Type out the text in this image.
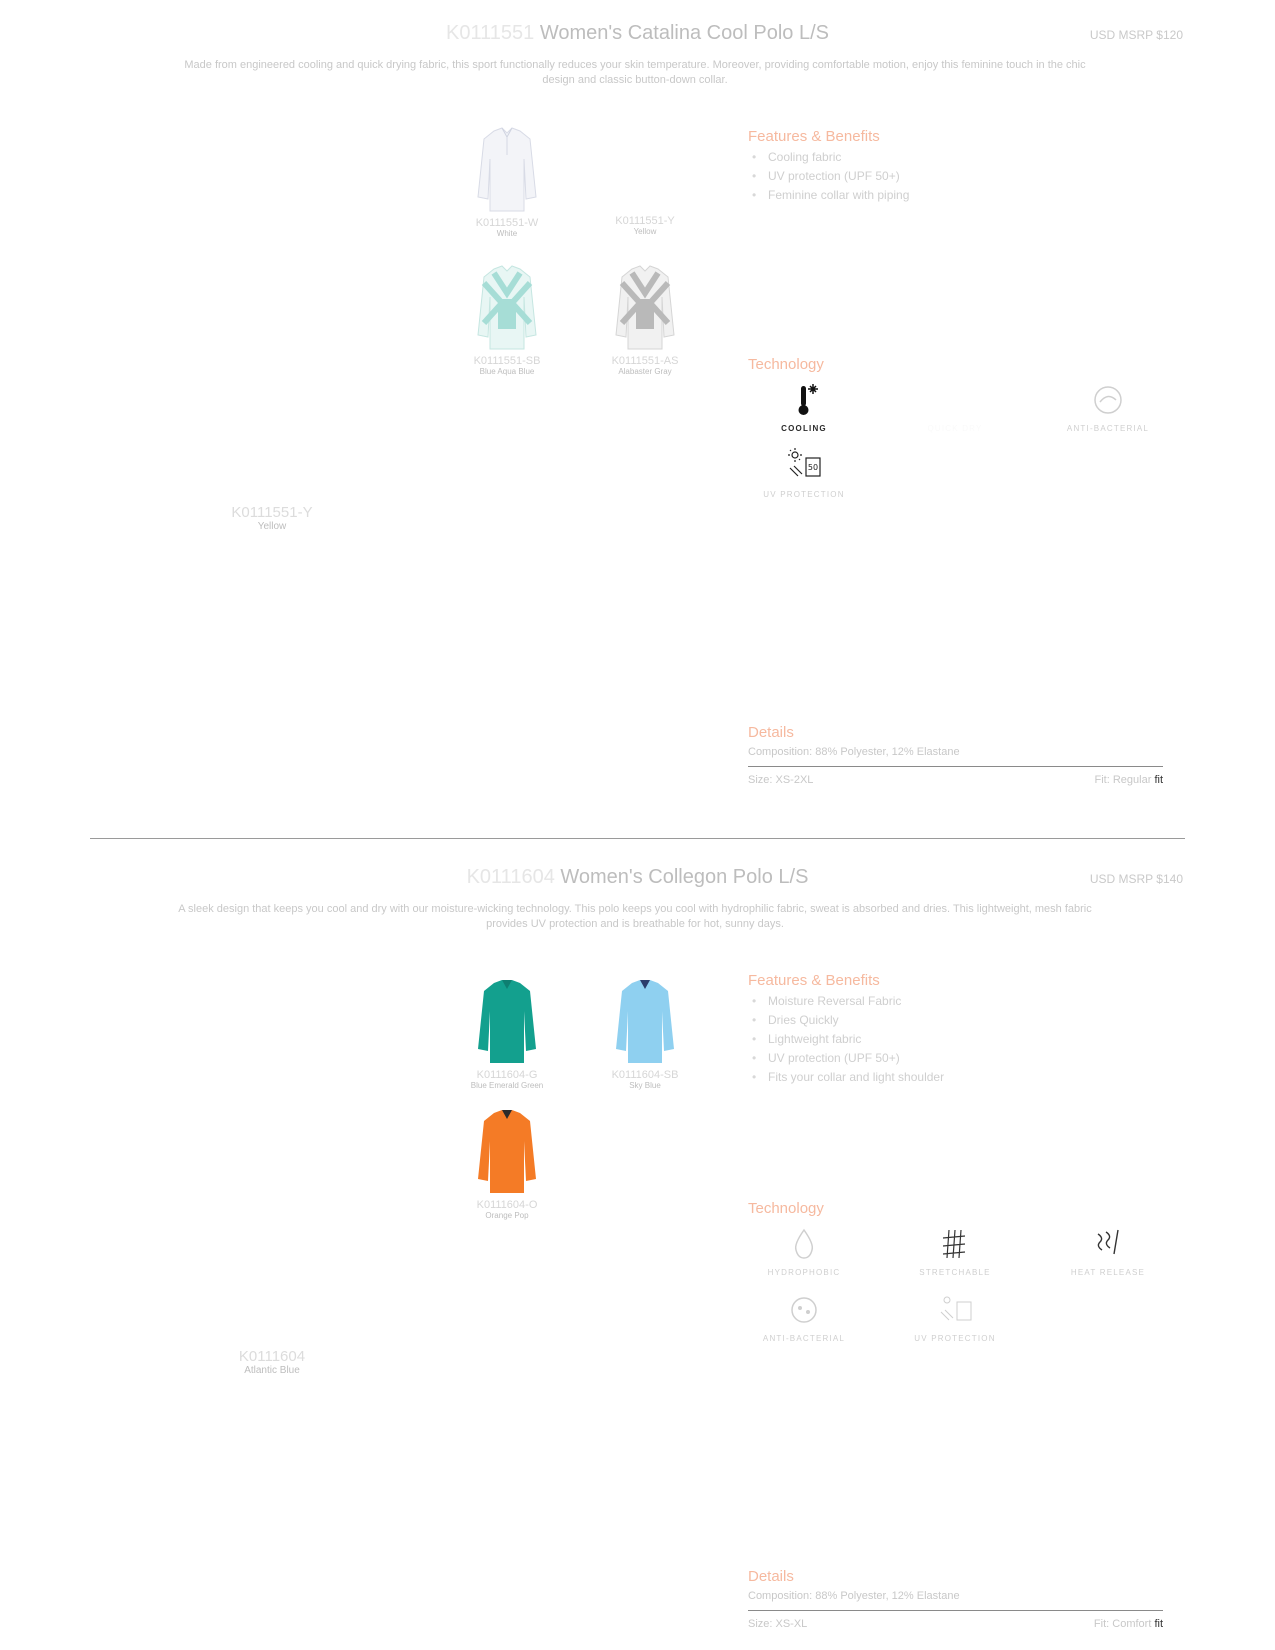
K0111551 Women's Catalina Cool Polo L/S	USD MSRP $120
Made from engineered cooling and quick drying fabric, this sport functionally reduces your skin temperature. Moreover, providing comfortable motion, enjoy this feminine touch in the chic design and classic button-down collar.
K0111551-W
White
K0111551-Y
Yellow
K0111551-SB
Blue Aqua Blue
K0111551-AS
Alabaster Gray
Features & Benefits
• Cooling fabric
• UV protection (UPF 50+)
• Feminine collar with piping
Technology
COOLING	QUICK DRY	ANTI-BACTERIAL
50
UV PROTECTION
K0111551-Y
Yellow
Details
Composition: 88% Polyester, 12% Elastane
Size: XS-2XL	Fit: Regular fit
K0111604 Women's Collegon Polo L/S	USD MSRP $140
A sleek design that keeps you cool and dry with our moisture-wicking technology. This polo keeps you cool with hydrophilic fabric, sweat is absorbed and dries. This lightweight, mesh fabric provides UV protection and is breathable for hot, sunny days.
K0111604-G
Blue Emerald Green
K0111604-SB
Sky Blue
K0111604-O
Orange Pop
Features & Benefits
• Moisture Reversal Fabric
• Dries Quickly
• Lightweight fabric
• UV protection (UPF 50+)
• Fits your collar and light shoulder
Technology
HYDROPHOBIC	STRETCHABLE	HEAT RELEASE
ANTI-BACTERIAL	UV PROTECTION
K0111604
Atlantic Blue
Details
Composition: 88% Polyester, 12% Elastane
Size: XS-XL	Fit: Comfort fit
